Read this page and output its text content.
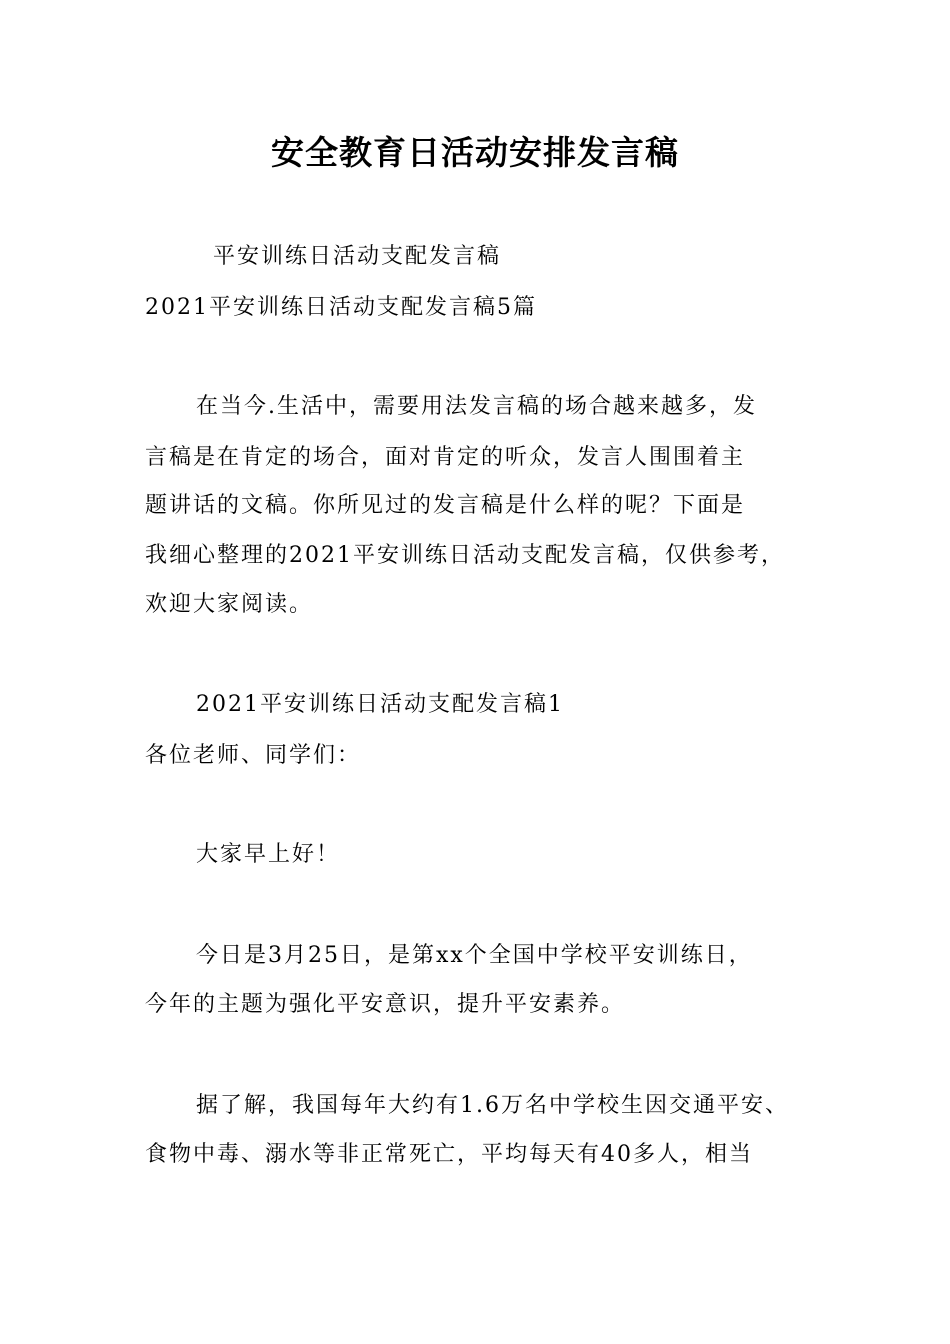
安全教育日活动安排发言稿
平安训练日活动支配发言稿
2021平安训练日活动支配发言稿5篇
在当今.生活中，需要用法发言稿的场合越来越多，发
言稿是在肯定的场合，面对肯定的听众，发言人围围着主
题讲话的文稿。你所见过的发言稿是什么样的呢？下面是
我细心整理的2021平安训练日活动支配发言稿，仅供参考，
欢迎大家阅读。
2021平安训练日活动支配发言稿1
各位老师、同学们：
大家早上好！
今日是3月25日，是第xx个全国中学校平安训练日，
今年的主题为强化平安意识，提升平安素养。
据了解，我国每年大约有1.6万名中学校生因交通平安、
食物中毒、溺水等非正常死亡，平均每天有40多人，相当
